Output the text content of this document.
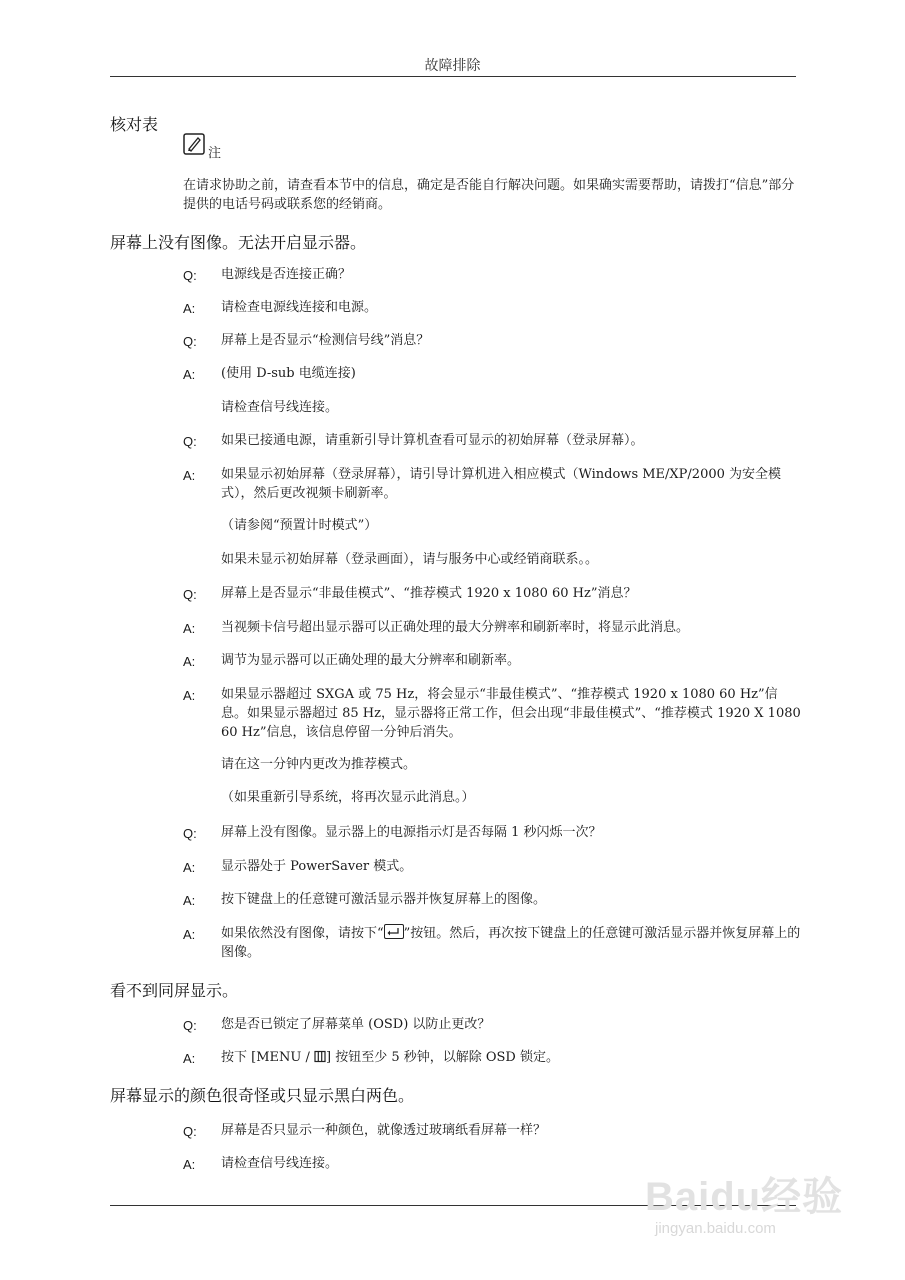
故障排除
核对表
注
在请求协助之前，请查看本节中的信息，确定是否能自行解决问题。如果确实需要帮助，请拨打“信息”部分提供的电话号码或联系您的经销商。
屏幕上没有图像。无法开启显示器。
Q: 电源线是否连接正确？
A: 请检查电源线连接和电源。
Q: 屏幕上是否显示“检测信号线”消息？
A: (使用 D-sub 电缆连接)
请检查信号线连接。
Q: 如果已接通电源，请重新引导计算机查看可显示的初始屏幕（登录屏幕）。
A: 如果显示初始屏幕（登录屏幕），请引导计算机进入相应模式（Windows ME/XP/2000 为安全模式），然后更改视频卡刷新率。
（请参阅“预置计时模式”）
如果未显示初始屏幕（登录画面），请与服务中心或经销商联系。。
Q: 屏幕上是否显示“非最佳模式”、“推荐模式 1920 x 1080 60 Hz”消息？
A: 当视频卡信号超出显示器可以正确处理的最大分辨率和刷新率时，将显示此消息。
A: 调节为显示器可以正确处理的最大分辨率和刷新率。
A: 如果显示器超过 SXGA 或 75 Hz，将会显示“非最佳模式”、“推荐模式 1920 x 1080 60 Hz”信息。如果显示器超过 85 Hz，显示器将正常工作，但会出现“非最佳模式”、“推荐模式 1920 X 1080 60 Hz”信息，该信息停留一分钟后消失。
请在这一分钟内更改为推荐模式。
（如果重新引导系统，将再次显示此消息。）
Q: 屏幕上没有图像。显示器上的电源指示灯是否每隔 1 秒闪烁一次？
A: 显示器处于 PowerSaver 模式。
A: 按下键盘上的任意键可激活显示器并恢复屏幕上的图像。
A: 如果依然没有图像，请按下“ ”按钮。然后，再次按下键盘上的任意键可激活显示器并恢复屏幕上的图像。
看不到同屏显示。
Q: 您是否已锁定了屏幕菜单 (OSD) 以防止更改？
A: 按下 [MENU / ] 按钮至少 5 秒钟，以解除 OSD 锁定。
屏幕显示的颜色很奇怪或只显示黑白两色。
Q: 屏幕是否只显示一种颜色，就像透过玻璃纸看屏幕一样？
A: 请检查信号线连接。
Baidu经验
jingyan.baidu.com
